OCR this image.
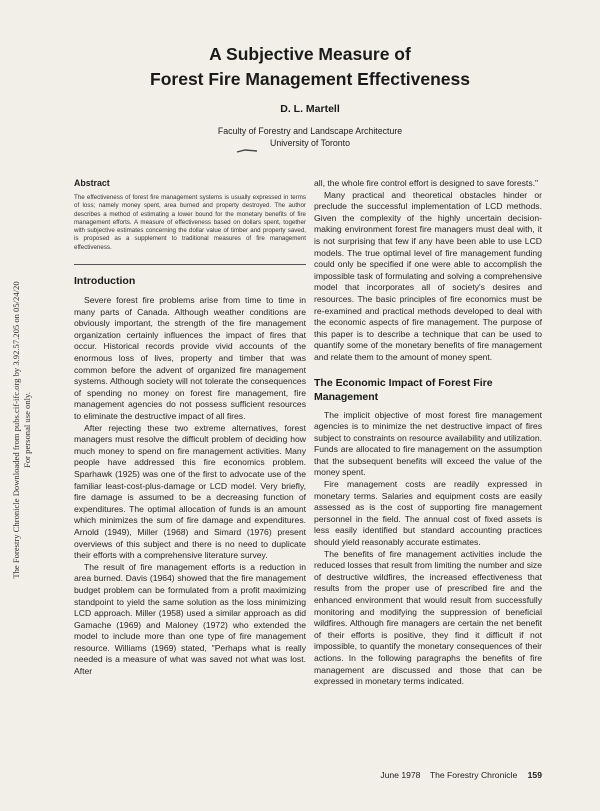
The Forestry Chronicle Downloaded from pubs.cif-ifc.org by 3.92.57.205 on 05/24/20 For personal use only.
A Subjective Measure of
Forest Fire Management Effectiveness
D. L. Martell
Faculty of Forestry and Landscape Architecture
University of Toronto
Abstract

The effectiveness of forest fire management systems is usually expressed in terms of loss; namely money spent, area burned and property destroyed. The author describes a method of estimating a lower bound for the monetary benefits of fire management efforts. A measure of effectiveness based on dollars spent, together with subjective estimates concerning the dollar value of timber and property saved, is proposed as a supplement to traditional measures of fire management effectiveness.

Introduction

Severe forest fire problems arise from time to time in many parts of Canada. Although weather conditions are obviously important, the strength of the fire management organization certainly influences the impact of fires that occur. Historical records provide vivid accounts of the enormous loss of lives, property and timber that was common before the advent of organized fire management systems. Although society will not tolerate the consequences of spending no money on forest fire management, fire management agencies do not possess sufficient resources to eliminate the destructive impact of all fires.

After rejecting these two extreme alternatives, forest managers must resolve the difficult problem of deciding how much money to spend on fire management activities. Many people have addressed this fire economics problem. Sparhawk (1925) was one of the first to advocate use of the familiar least-cost-plus-damage or LCD model. Very briefly, fire damage is assumed to be a decreasing function of expenditures. The optimal allocation of funds is an amount which minimizes the sum of fire damage and expenditures. Arnold (1949), Miller (1968) and Simard (1976) present overviews of this subject and there is no need to duplicate their efforts with a comprehensive literature survey.

The result of fire management efforts is a reduction in area burned. Davis (1964) showed that the fire management budget problem can be formulated from a profit maximizing standpoint to yield the same solution as the loss minimizing LCD approach. Miller (1958) used a similar approach as did Gamache (1969) and Maloney (1972) who extended the model to include more than one type of fire management resource. Williams (1969) stated, "Perhaps what is really needed is a measure of what was saved not what was lost. After

all, the whole fire control effort is designed to save forests."

Many practical and theoretical obstacles hinder or preclude the successful implementation of LCD methods. Given the complexity of the highly uncertain decision-making environment forest fire managers must deal with, it is not surprising that few if any have been able to use LCD models. The true optimal level of fire management funding could only be specified if one were able to accomplish the impossible task of formulating and solving a comprehensive model that incorporates all of society's desires and resources. The basic principles of fire economics must be re-examined and practical methods developed to deal with the economic aspects of fire management. The purpose of this paper is to describe a technique that can be used to quantify some of the monetary benefits of fire management and relate them to the amount of money spent.

The Economic Impact of Forest Fire Management

The implicit objective of most forest fire management agencies is to minimize the net destructive impact of fires subject to constraints on resource availability and utilization. Funds are allocated to fire management on the assumption that the subsequent benefits will exceed the value of the money spent.

Fire management costs are readily expressed in monetary terms. Salaries and equipment costs are easily assessed as is the cost of supporting fire management personnel in the field. The annual cost of fixed assets is less easily identified but standard accounting practices should yield reasonably accurate estimates.

The benefits of fire management activities include the reduced losses that result from limiting the number and size of destructive wildfires, the increased effectiveness that results from the proper use of prescribed fire and the enhanced environment that would result from successfully monitoring and modifying the suppression of beneficial wildfires. Although fire managers are certain the net benefit of their efforts is positive, they find it difficult if not impossible, to quantify the monetary consequences of their actions. In the following paragraphs the benefits of fire management are discussed and those that can be expressed in monetary terms indicated.

June 1978 The Forestry Chronicle 159
